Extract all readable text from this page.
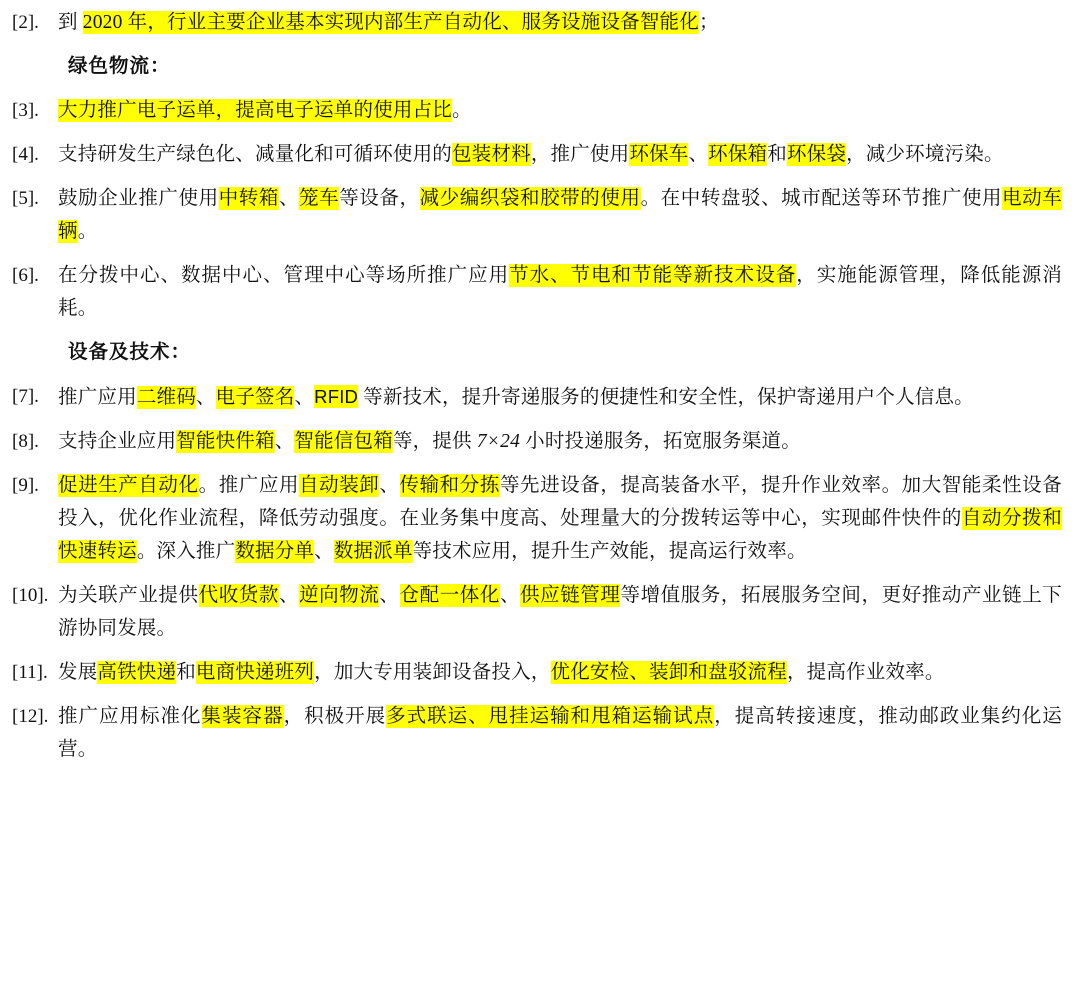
[2]. 到 2020 年，行业主要企业基本实现内部生产自动化、服务设施设备智能化；
绿色物流：
[3]. 大力推广电子运单，提高电子运单的使用占比。
[4]. 支持研发生产绿色化、减量化和可循环使用的包装材料，推广使用环保车、环保箱和环保袋，减少环境污染。
[5]. 鼓励企业推广使用中转箱、笼车等设备，减少编织袋和胶带的使用。在中转盘驳、城市配送等环节推广使用电动车辆。
[6]. 在分拨中心、数据中心、管理中心等场所推广应用节水、节电和节能等新技术设备，实施能源管理，降低能源消耗。
设备及技术：
[7]. 推广应用二维码、电子签名、RFID 等新技术，提升寄递服务的便捷性和安全性，保护寄递用户个人信息。
[8]. 支持企业应用智能快件箱、智能信包箱等，提供 7×24 小时投递服务，拓宽服务渠道。
[9]. 促进生产自动化。推广应用自动装卸、传输和分拣等先进设备，提高装备水平，提升作业效率。加大智能柔性设备投入，优化作业流程，降低劳动强度。在业务集中度高、处理量大的分拨转运等中心，实现邮件快件的自动分拨和快速转运。深入推广数据分单、数据派单等技术应用，提升生产效能，提高运行效率。
[10]. 为关联产业提供代收货款、逆向物流、仓配一体化、供应链管理等增值服务，拓展服务空间，更好推动产业链上下游协同发展。
[11]. 发展高铁快递和电商快递班列，加大专用装卸设备投入，优化安检、装卸和盘驳流程，提高作业效率。
[12]. 推广应用标准化集装容器，积极开展多式联运、甩挂运输和甩箱运输试点，提高转接速度，推动邮政业集约化运营。
